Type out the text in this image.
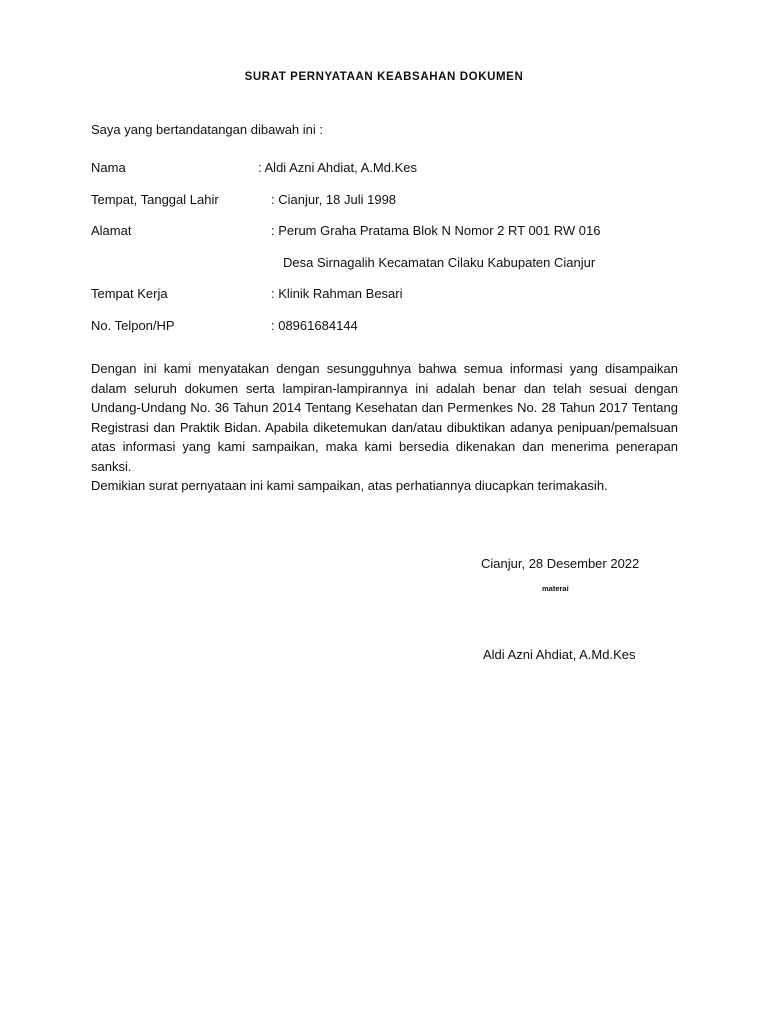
SURAT PERNYATAAN KEABSAHAN DOKUMEN
Saya yang bertandatangan dibawah ini :
Nama	: Aldi Azni Ahdiat, A.Md.Kes
Tempat, Tanggal Lahir	: Cianjur, 18 Juli 1998
Alamat	: Perum Graha Pratama Blok N Nomor 2 RT 001 RW 016
Desa Sirnagalih Kecamatan Cilaku Kabupaten Cianjur
Tempat Kerja	: Klinik Rahman Besari
No. Telpon/HP	: 08961684144
Dengan ini kami menyatakan dengan sesungguhnya bahwa semua informasi yang disampaikan dalam seluruh dokumen serta lampiran-lampirannya ini adalah benar dan telah sesuai dengan Undang-Undang No. 36 Tahun 2014 Tentang Kesehatan dan Permenkes No. 28 Tahun 2017 Tentang Registrasi dan Praktik Bidan. Apabila diketemukan dan/atau dibuktikan adanya penipuan/pemalsuan atas informasi yang kami sampaikan, maka kami bersedia dikenakan dan menerima penerapan sanksi.
Demikian surat pernyataan ini kami sampaikan, atas perhatiannya diucapkan terimakasih.
Cianjur, 28 Desember 2022
materai
Aldi Azni Ahdiat, A.Md.Kes
